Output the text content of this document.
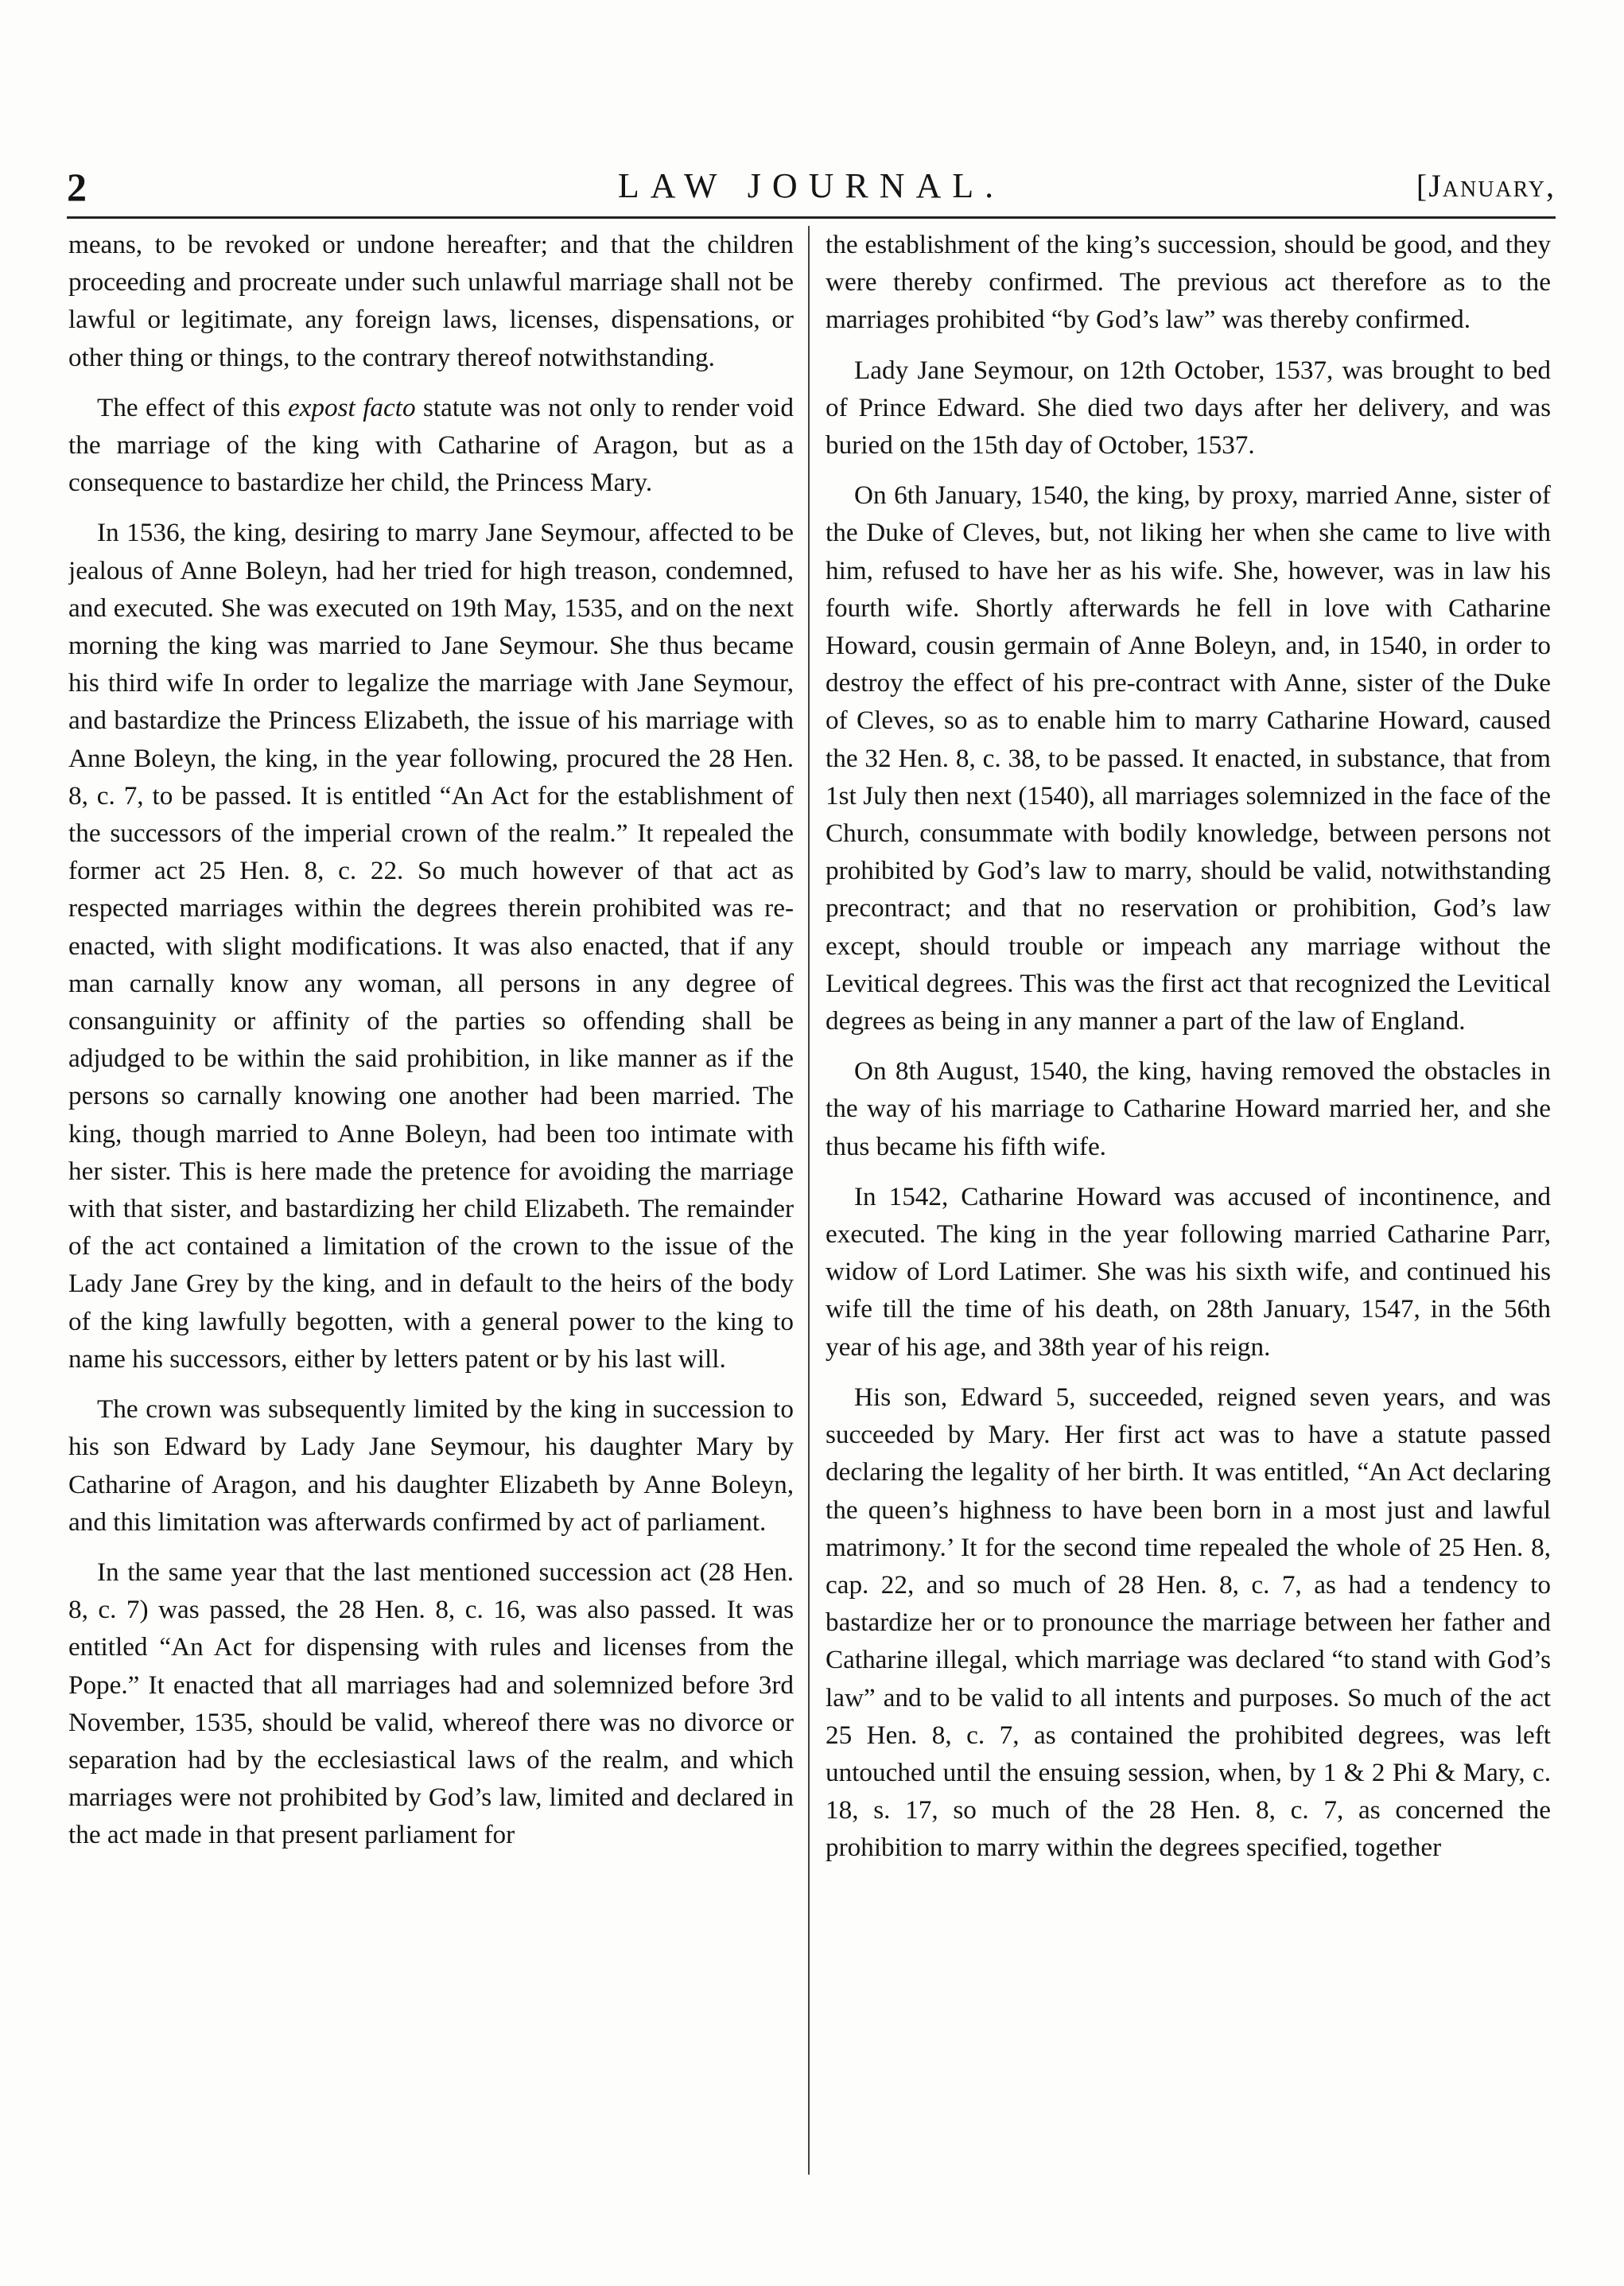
2	LAW JOURNAL.	[January,

means, to be revoked or undone hereafter; and that the children proceeding and procreate under such unlawful marriage shall not be lawful or legitimate, any foreign laws, licenses, dispensations, or other thing or things, to the contrary thereof notwithstanding.

The effect of this expost facto statute was not only to render void the marriage of the king with Catharine of Aragon, but as a consequence to bastardize her child, the Princess Mary.

In 1536, the king, desiring to marry Jane Seymour, affected to be jealous of Anne Boleyn, had her tried for high treason, condemned, and executed. She was executed on 19th May, 1535, and on the next morning the king was married to Jane Seymour. She thus became his third wife In order to legalize the marriage with Jane Seymour, and bastardize the Princess Elizabeth, the issue of his marriage with Anne Boleyn, the king, in the year following, procured the 28 Hen. 8, c. 7, to be passed. It is entitled “An Act for the establishment of the successors of the imperial crown of the realm.” It repealed the former act 25 Hen. 8, c. 22. So much however of that act as respected marriages within the degrees therein prohibited was re-enacted, with slight modifications. It was also enacted, that if any man carnally know any woman, all persons in any degree of consanguinity or affinity of the parties so offending shall be adjudged to be within the said prohibition, in like manner as if the persons so carnally knowing one another had been married. The king, though married to Anne Boleyn, had been too intimate with her sister. This is here made the pretence for avoiding the marriage with that sister, and bastardizing her child Elizabeth. The remainder of the act contained a limitation of the crown to the issue of the Lady Jane Grey by the king, and in default to the heirs of the body of the king lawfully begotten, with a general power to the king to name his successors, either by letters patent or by his last will.

The crown was subsequently limited by the king in succession to his son Edward by Lady Jane Seymour, his daughter Mary by Catharine of Aragon, and his daughter Elizabeth by Anne Boleyn, and this limitation was afterwards confirmed by act of parliament.

In the same year that the last mentioned succession act (28 Hen. 8, c. 7) was passed, the 28 Hen. 8, c. 16, was also passed. It was entitled “An Act for dispensing with rules and licenses from the Pope.” It enacted that all marriages had and solemnized before 3rd November, 1535, should be valid, whereof there was no divorce or separation had by the ecclesiastical laws of the realm, and which marriages were not prohibited by God’s law, limited and declared in the act made in that present parliament for

the establishment of the king’s succession, should be good, and they were thereby confirmed. The previous act therefore as to the marriages prohibited “by God’s law” was thereby confirmed.

Lady Jane Seymour, on 12th October, 1537, was brought to bed of Prince Edward. She died two days after her delivery, and was buried on the 15th day of October, 1537.

On 6th January, 1540, the king, by proxy, married Anne, sister of the Duke of Cleves, but, not liking her when she came to live with him, refused to have her as his wife. She, however, was in law his fourth wife. Shortly afterwards he fell in love with Catharine Howard, cousin germain of Anne Boleyn, and, in 1540, in order to destroy the effect of his pre-contract with Anne, sister of the Duke of Cleves, so as to enable him to marry Catharine Howard, caused the 32 Hen. 8, c. 38, to be passed. It enacted, in substance, that from 1st July then next (1540), all marriages solemnized in the face of the Church, consummate with bodily knowledge, between persons not prohibited by God’s law to marry, should be valid, notwithstanding precontract; and that no reservation or prohibition, God’s law except, should trouble or impeach any marriage without the Levitical degrees. This was the first act that recognized the Levitical degrees as being in any manner a part of the law of England.

On 8th August, 1540, the king, having removed the obstacles in the way of his marriage to Catharine Howard married her, and she thus became his fifth wife.

In 1542, Catharine Howard was accused of incontinence, and executed. The king in the year following married Catharine Parr, widow of Lord Latimer. She was his sixth wife, and continued his wife till the time of his death, on 28th January, 1547, in the 56th year of his age, and 38th year of his reign.

His son, Edward 5, succeeded, reigned seven years, and was succeeded by Mary. Her first act was to have a statute passed declaring the legality of her birth. It was entitled, “An Act declaring the queen’s highness to have been born in a most just and lawful matrimony.’ It for the second time repealed the whole of 25 Hen. 8, cap. 22, and so much of 28 Hen. 8, c. 7, as had a tendency to bastardize her or to pronounce the marriage between her father and Catharine illegal, which marriage was declared “to stand with God’s law” and to be valid to all intents and purposes. So much of the act 25 Hen. 8, c. 7, as contained the prohibited degrees, was left untouched until the ensuing session, when, by 1 & 2 Phi & Mary, c. 18, s. 17, so much of the 28 Hen. 8, c. 7, as concerned the prohibition to marry within the degrees specified, together
